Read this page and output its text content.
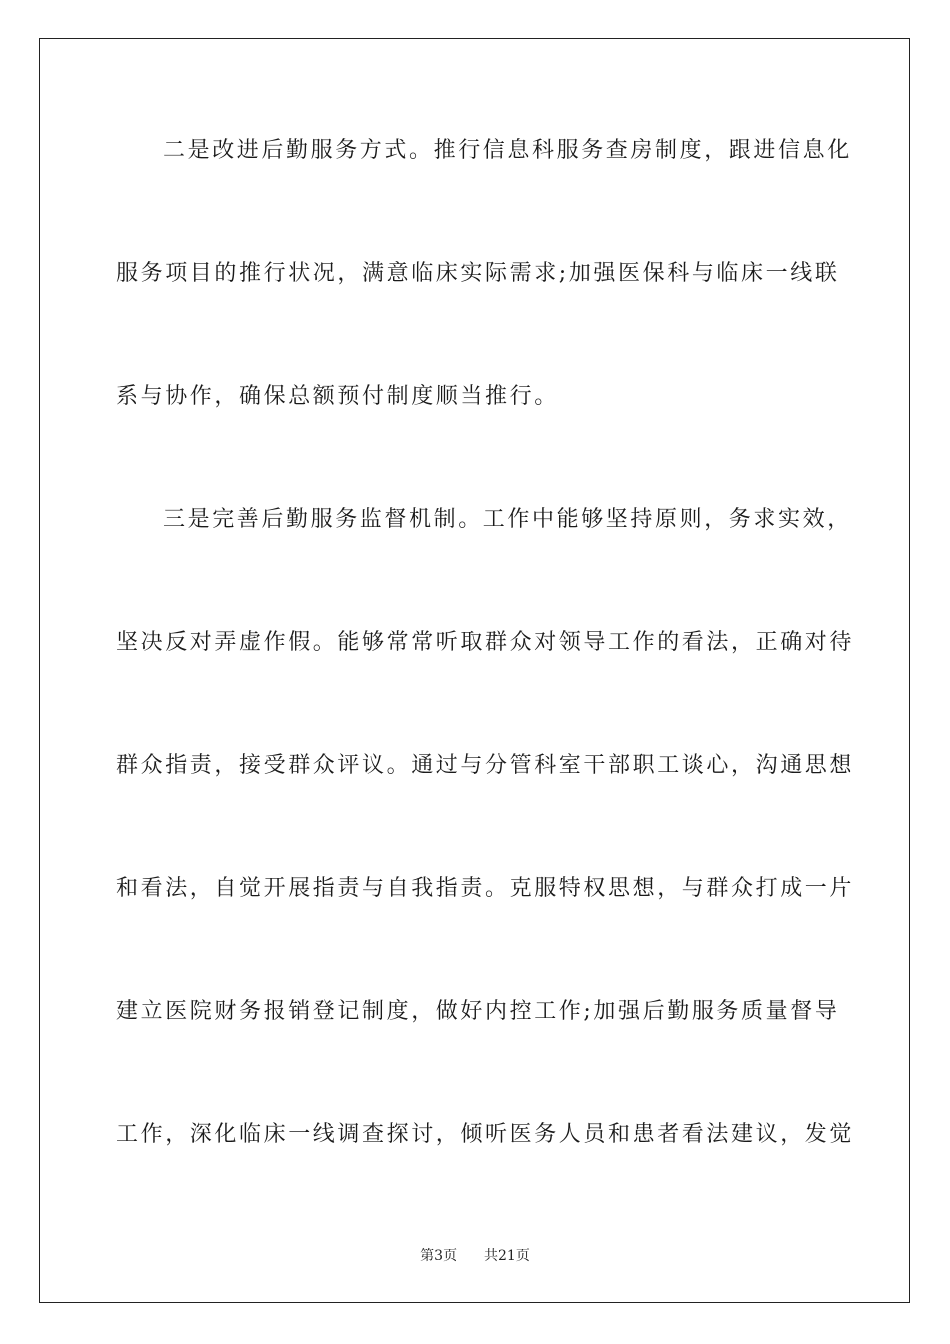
二是改进后勤服务方式。推行信息科服务查房制度，跟进信息化
服务项目的推行状况，满意临床实际需求;加强医保科与临床一线联
系与协作，确保总额预付制度顺当推行。
三是完善后勤服务监督机制。工作中能够坚持原则，务求实效，
坚决反对弄虚作假。能够常常听取群众对领导工作的看法，正确对待
群众指责，接受群众评议。通过与分管科室干部职工谈心，沟通思想
和看法，自觉开展指责与自我指责。克服特权思想，与群众打成一片
建立医院财务报销登记制度，做好内控工作;加强后勤服务质量督导
工作，深化临床一线调查探讨，倾听医务人员和患者看法建议，发觉
第3页 共21页
